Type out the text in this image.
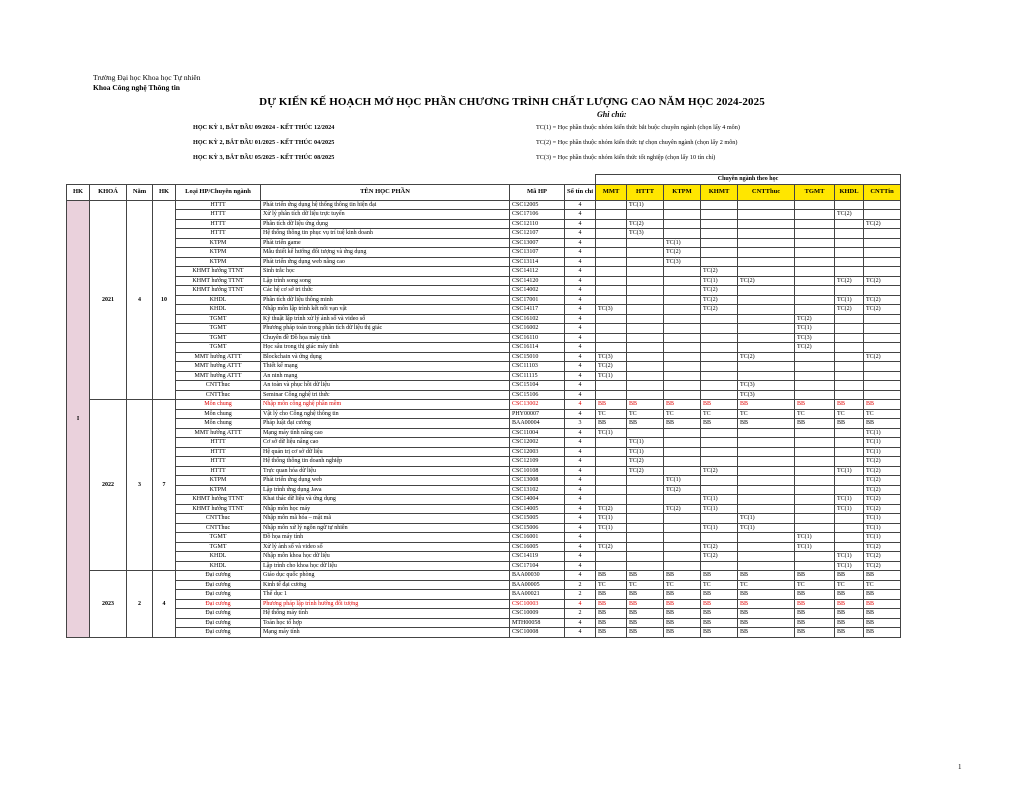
Trường Đại học Khoa học Tự nhiên
Khoa Công nghệ Thông tin
DỰ KIẾN KẾ HOẠCH MỞ HỌC PHẦN CHƯƠNG TRÌNH CHẤT LƯỢNG CAO NĂM HỌC 2024-2025
Ghi chú:
HỌC KỲ 1, BẮT ĐẦU 09/2024 - KẾT THÚC 12/2024
HỌC KỲ 2, BẮT ĐẦU 01/2025 - KẾT THÚC 04/2025
HỌC KỲ 3, BẮT ĐẦU 05/2025 - KẾT THÚC 08/2025
TC(1) = Học phần thuộc nhóm kiến thức bắt buộc chuyên ngành (chọn lấy 4 môn)
TC(2) = Học phần thuộc nhóm kiến thức tự chọn chuyên ngành (chọn lấy 2 môn)
TC(3) = Học phần thuộc nhóm kiến thức tốt nghiệp (chọn lấy 10 tín chỉ)
								Chuyên ngành theo học							
HK	KHOÁ	Năm	HK	Loại HP/Chuyên ngành	TÊN HỌC PHẦN	Mã HP	Số tín chỉ	MMT	HTTT	KTPM	KHMT	CNTThuc	TGMT	KHDL	CNTTin
I	2021	4	10	HTTT	Phát triển ứng dụng hệ thống thông tin hiện đại	CSC12005	4		TC(1)						
				HTTT	Xử lý phân tích dữ liệu trực tuyến	CSC17106	4							TC(2)	
				HTTT	Phân tích dữ liệu ứng dụng	CSC12110	4		TC(2)						TC(2)
				HTTT	Hệ thống thông tin phục vụ trí tuệ kinh doanh	CSC12107	4		TC(3)						
				KTPM	Phát triển game	CSC13007	4			TC(1)					
				KTPM	Mẫu thiết kế hướng đối tượng và ứng dụng	CSC13107	4			TC(2)					
				KTPM	Phát triển ứng dụng web nâng cao	CSC13114	4			TC(3)					
				KHMT hướng TTNT	Sinh trắc học	CSC14112	4				TC(2)				
				KHMT hướng TTNT	Lập trình song song	CSC14120	4				TC(1)	TC(2)		TC(2)	TC(2)
				KHMT hướng TTNT	Các hệ cơ sở tri thức	CSC14002	4				TC(2)				
				KHDL	Phân tích dữ liệu thông minh	CSC17001	4				TC(2)			TC(1)	TC(2)
				KHDL	Nhập môn lập trình kết nối vạn vật	CSC14117	4	TC(3)			TC(2)			TC(2)	TC(2)
				TGMT	Kỹ thuật lập trình xử lý ảnh số và video số	CSC16102	4						TC(2)		
				TGMT	Phương pháp toán trong phân tích dữ liệu thị giác	CSC16002	4						TC(1)		
				TGMT	Chuyên đề Đồ họa máy tính	CSC16110	4						TC(3)		
				TGMT	Học sâu trong thị giác máy tính	CSC16114	4						TC(2)		
				MMT hướng ATTT	Blockchain và ứng dụng	CSC15010	4	TC(3)				TC(2)			TC(2)
				MMT hướng ATTT	Thiết kế mạng	CSC11103	4	TC(2)							
				MMT hướng ATTT	An ninh mạng	CSC11115	4	TC(1)							
				CNTThuc	An toàn và phục hồi dữ liệu	CSC15104	4					TC(3)			
				CNTThuc	Seminar Công nghệ tri thức	CSC15106	4					TC(3)			
	2022	3	7	Môn chung	Nhập môn công nghệ phần mềm	CSC13002	4	BB	BB	BB	BB	BB	BB	BB	BB
				Môn chung	Vật lý cho Công nghệ thông tin	PHY00007	4	TC	TC	TC	TC	TC	TC	TC	TC
				Môn chung	Pháp luật đại cương	BAA00004	3	BB	BB	BB	BB	BB	BB	BB	BB
				MMT hướng ATTT	Mạng máy tính nâng cao	CSC11004	4	TC(1)							TC(1)
				HTTT	Cơ sở dữ liệu nâng cao	CSC12002	4		TC(1)						TC(1)
				HTTT	Hệ quản trị cơ sở dữ liệu	CSC12003	4		TC(1)						TC(1)
				HTTT	Hệ thống thông tin doanh nghiệp	CSC12109	4		TC(2)						TC(2)
				HTTT	Trực quan hóa dữ liệu	CSC10108	4		TC(2)		TC(2)			TC(1)	TC(2)
				KTPM	Phát triển ứng dụng web	CSC13008	4			TC(1)					TC(2)
				KTPM	Lập trình ứng dụng Java	CSC13102	4			TC(2)					TC(2)
				KHMT hướng TTNT	Khai thác dữ liệu và ứng dụng	CSC14004	4				TC(1)			TC(1)	TC(2)
				KHMT hướng TTNT	Nhập môn học máy	CSC14005	4	TC(2)		TC(2)	TC(1)			TC(1)	TC(2)
				CNTThuc	Nhập môn mã hóa – mật mã	CSC15005	4	TC(1)				TC(1)			TC(1)
				CNTThuc	Nhập môn xử lý ngôn ngữ tự nhiên	CSC15006	4	TC(1)			TC(1)	TC(1)			TC(1)
				TGMT	Đồ họa máy tính	CSC16001	4						TC(1)		TC(1)
				TGMT	Xử lý ảnh số và video số	CSC16005	4	TC(2)			TC(2)		TC(1)		TC(2)
				KHDL	Nhập môn khoa học dữ liệu	CSC14119	4				TC(2)			TC(1)	TC(2)
				KHDL	Lập trình cho khoa học dữ liệu	CSC17104	4							TC(1)	TC(2)
	2023	2	4	Đại cương	Giáo dục quốc phòng	BAA00030	4	BB	BB	BB	BB	BB	BB	BB	BB
				Đại cương	Kinh tế đại cương	BAA00005	2	TC	TC	TC	TC	TC	TC	TC	TC
				Đại cương	Thể dục 1	BAA00021	2	BB	BB	BB	BB	BB	BB	BB	BB
				Đại cương	Phương pháp lập trình hướng đối tượng	CSC10003	4	BB	BB	BB	BB	BB	BB	BB	BB
				Đại cương	Hệ thống máy tính	CSC10009	2	BB	BB	BB	BB	BB	BB	BB	BB
				Đại cương	Toán học tổ hợp	MTH00058	4	BB	BB	BB	BB	BB	BB	BB	BB
				Đại cương	Mạng máy tính	CSC10008	4	BB	BB	BB	BB	BB	BB	BB	BB
1
